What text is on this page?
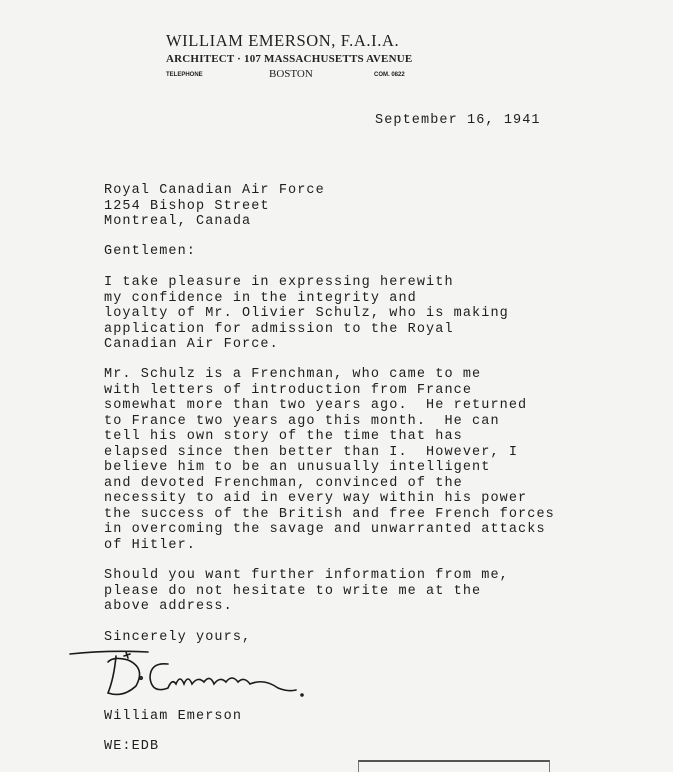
WILLIAM EMERSON, F.A.I.A.
ARCHITECT · 107 MASSACHUSETTS AVENUE
TELEPHONE	BOSTON	COM. 0822
September 16, 1941
Royal Canadian Air Force
1254 Bishop Street
Montreal, Canada
Gentlemen:
I take pleasure in expressing herewith
my confidence in the integrity and
loyalty of Mr. Olivier Schulz, who is making
application for admission to the Royal
Canadian Air Force.
Mr. Schulz is a Frenchman, who came to me
with letters of introduction from France
somewhat more than two years ago.  He returned
to France two years ago this month.  He can
tell his own story of the time that has
elapsed since then better than I.  However, I
believe him to be an unusually intelligent
and devoted Frenchman, convinced of the
necessity to aid in every way within his power
the success of the British and free French forces
in overcoming the savage and unwarranted attacks
of Hitler.
Should you want further information from me,
please do not hesitate to write me at the
above address.
Sincerely yours,
William Emerson
WE:EDB
